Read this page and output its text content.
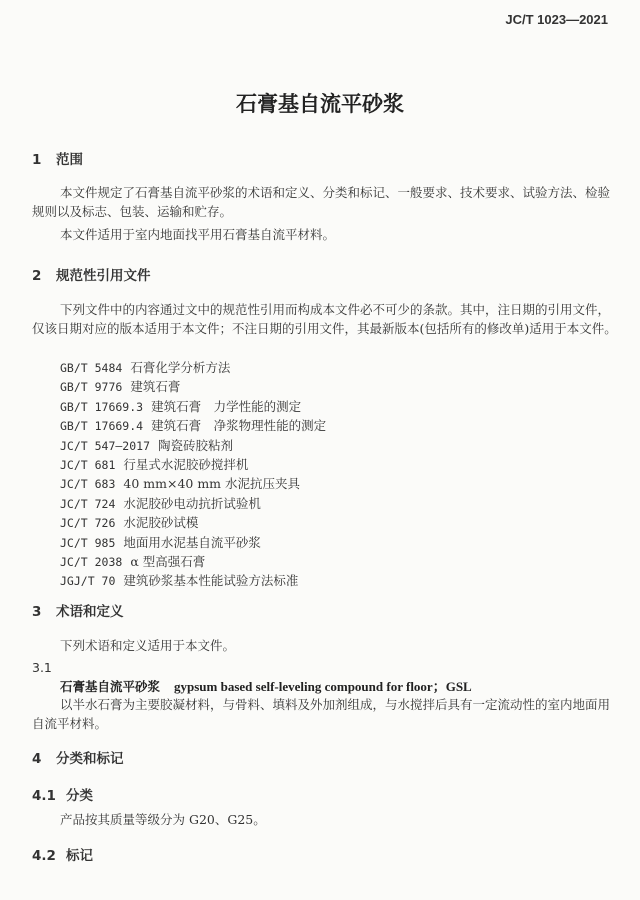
JC/T 1023—2021
石膏基自流平砂浆
1 范围
本文件规定了石膏基自流平砂浆的术语和定义、分类和标记、一般要求、技术要求、试验方法、检验规则以及标志、包装、运输和贮存。
本文件适用于室内地面找平用石膏基自流平材料。
2 规范性引用文件
下列文件中的内容通过文中的规范性引用而构成本文件必不可少的条款。其中，注日期的引用文件，仅该日期对应的版本适用于本文件；不注日期的引用文件，其最新版本(包括所有的修改单)适用于本文件。
GB/T 5484 石膏化学分析方法
GB/T 9776 建筑石膏
GB/T 17669.3 建筑石膏　力学性能的测定
GB/T 17669.4 建筑石膏　净浆物理性能的测定
JC/T 547—2017 陶瓷砖胶粘剂
JC/T 681 行星式水泥胶砂搅拌机
JC/T 683 40 mm×40 mm 水泥抗压夹具
JC/T 724 水泥胶砂电动抗折试验机
JC/T 726 水泥胶砂试模
JC/T 985 地面用水泥基自流平砂浆
JC/T 2038 α 型高强石膏
JGJ/T 70 建筑砂浆基本性能试验方法标准
3 术语和定义
下列术语和定义适用于本文件。
3.1
石膏基自流平砂浆 gypsum based self-leveling compound for floor；GSL
以半水石膏为主要胶凝材料，与骨料、填料及外加剂组成，与水搅拌后具有一定流动性的室内地面用自流平材料。
4 分类和标记
4.1 分类
产品按其质量等级分为 G20、G25。
4.2 标记
